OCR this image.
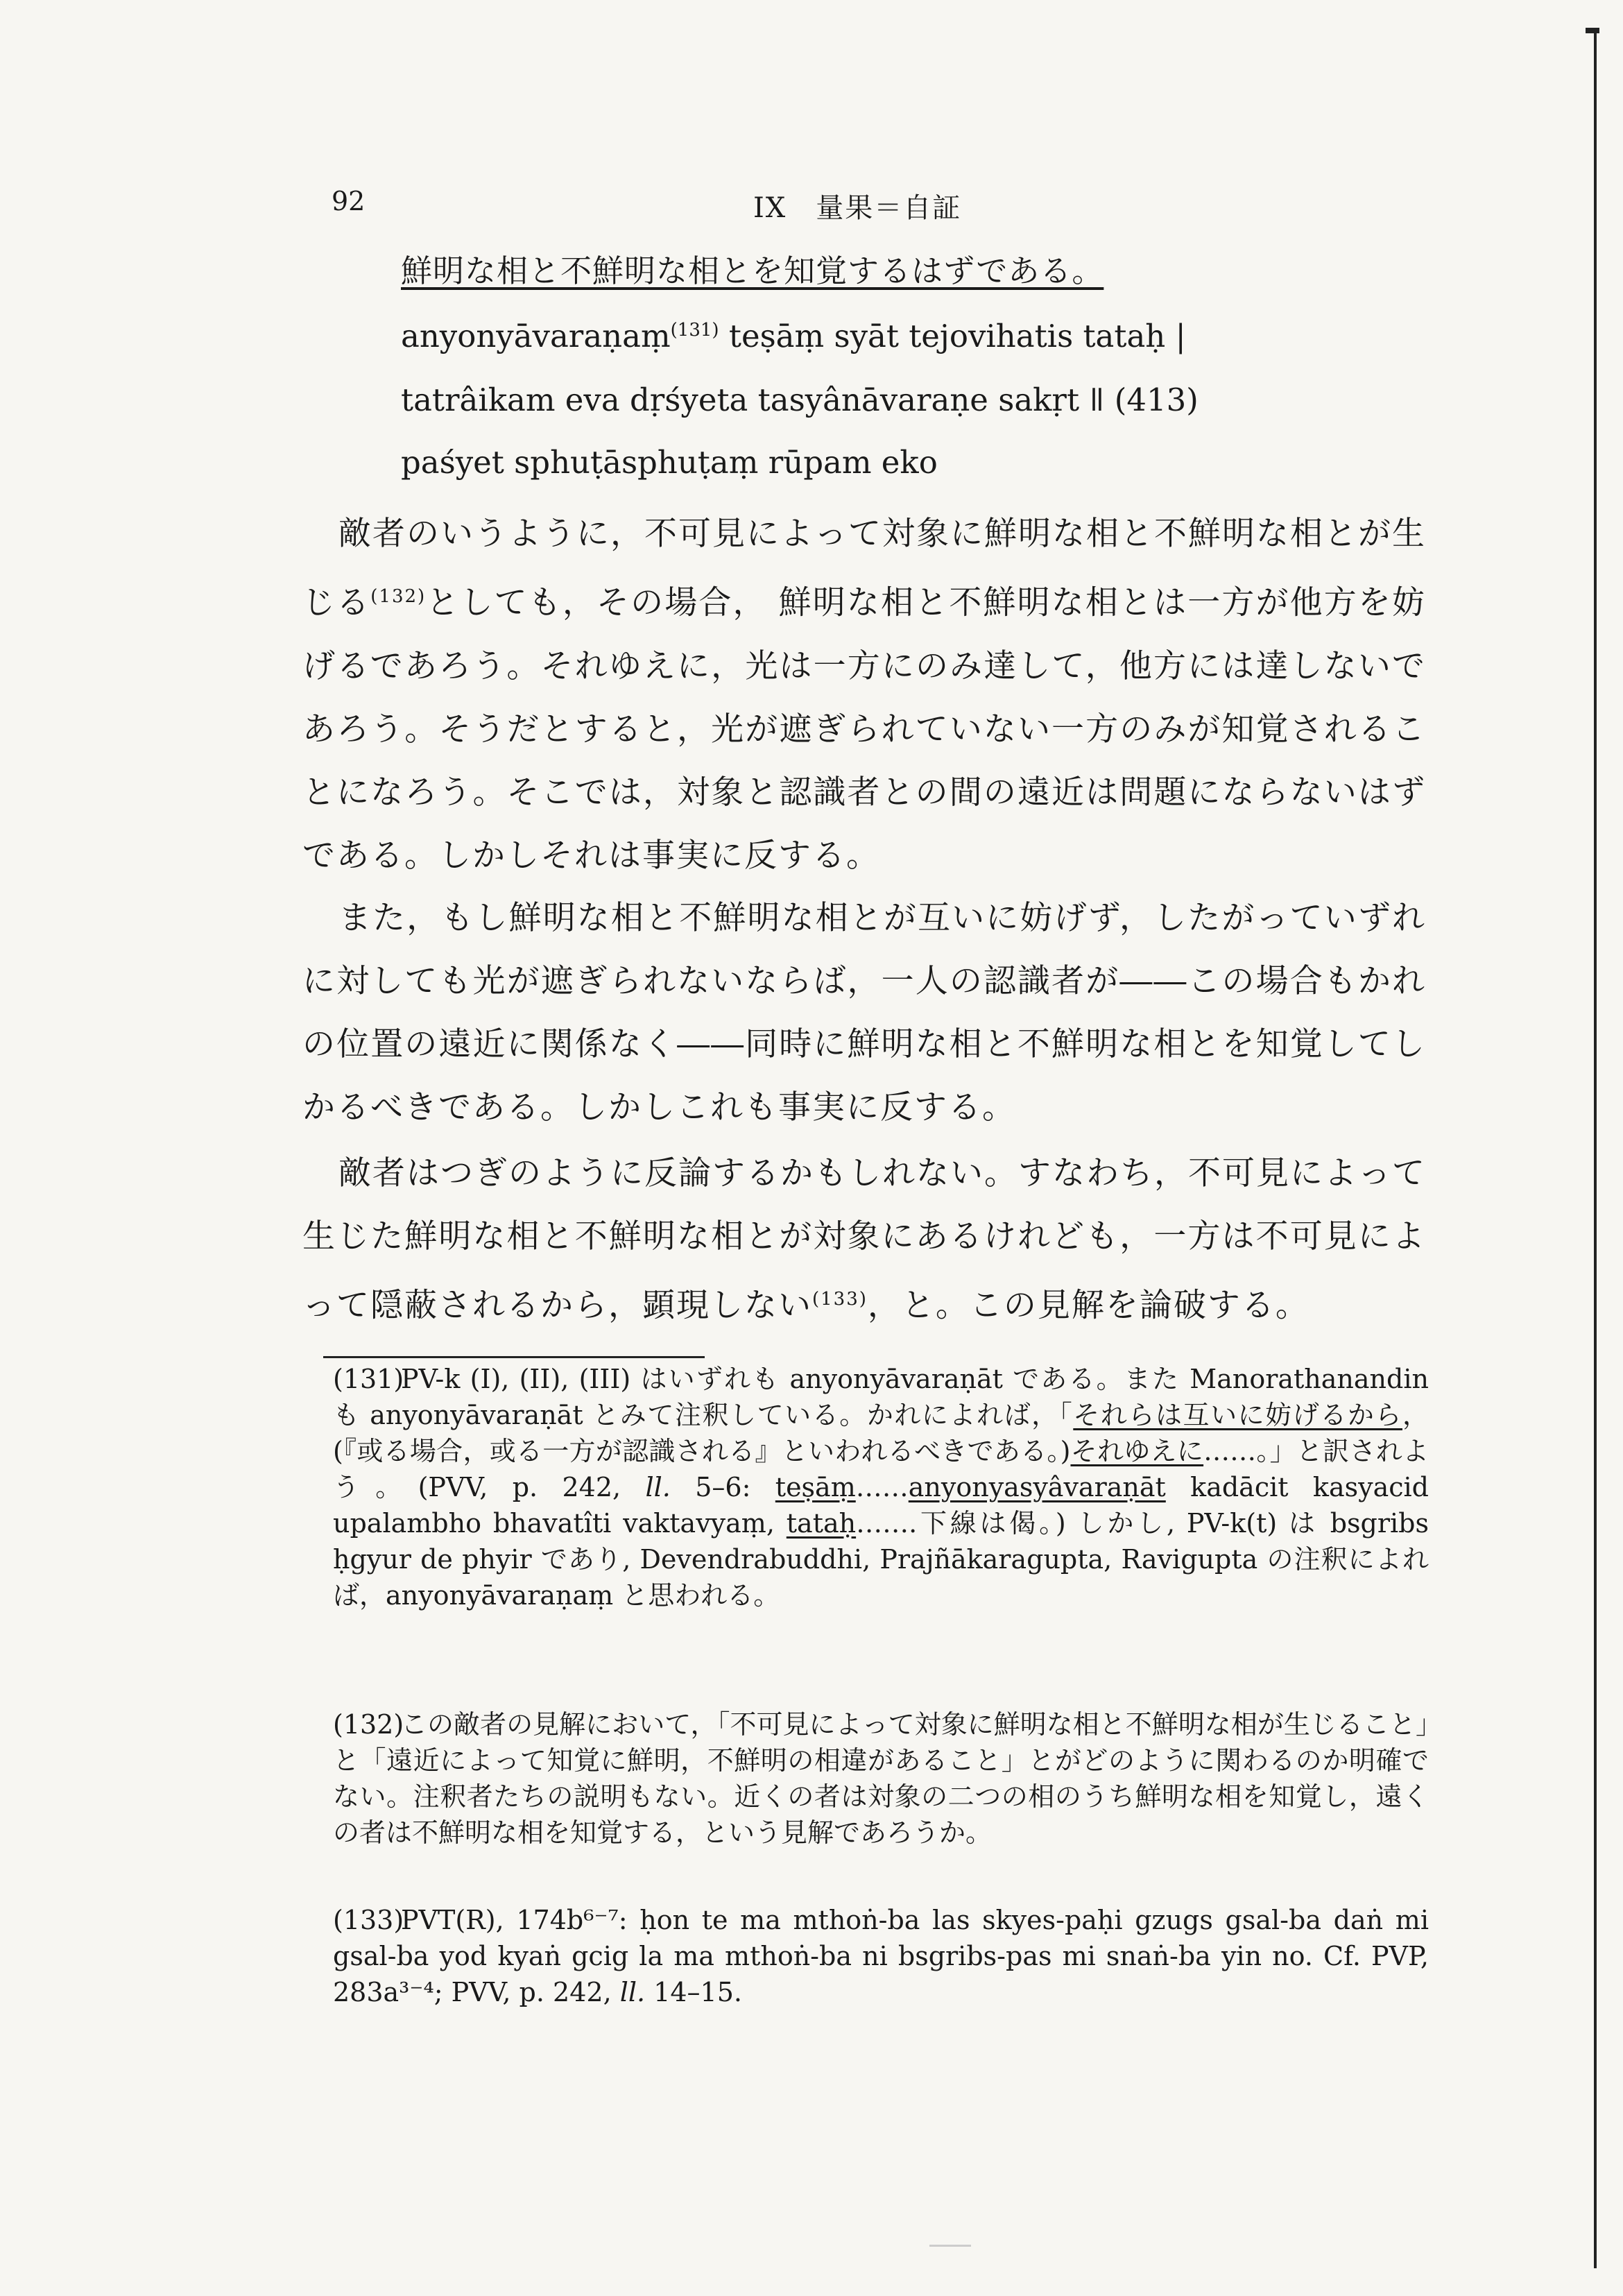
92	IX　量果＝自証
鮮明な相と不鮮明な相とを知覚するはずである。
anyonyāvaraṇaṃ$^{(131)}$ teṣāṃ syāt tejovihatis tataḥ |
tatrâikam eva dṛśyeta tasyânāvaraṇe sakṛt ǁ (413)
paśyet sphuṭāsphuṭaṃ rūpam eko
敵者のいうように，不可見によって対象に鮮明な相と不鮮明な相とが生じる$^{(132)}$としても，その場合， 鮮明な相と不鮮明な相とは一方が他方を妨げるであろう。それゆえに，光は一方にのみ達して，他方には達しないであろう。そうだとすると，光が遮ぎられていない一方のみが知覚されることになろう。そこでは，対象と認識者との間の遠近は問題にならないはずである。しかしそれは事実に反する。
また，もし鮮明な相と不鮮明な相とが互いに妨げず，したがっていずれに対しても光が遮ぎられないならば，一人の認識者が――この場合もかれの位置の遠近に関係なく――同時に鮮明な相と不鮮明な相とを知覚してしかるべきである。しかしこれも事実に反する。
敵者はつぎのように反論するかもしれない。すなわち，不可見によって生じた鮮明な相と不鮮明な相とが対象にあるけれども，一方は不可見によって隠蔽されるから，顕現しない$^{(133)}$，と。この見解を論破する。
(131)PV-k (I), (II), (III) はいずれも anyonyāvaraṇāt である。また Manorathanandin も anyonyāvaraṇāt とみて注釈している。かれによれば，「それらは互いに妨げるから，(『或る場合，或る一方が認識される』といわれるべきである。)それゆえに……。」と訳されよう。(PVV, p. 242, ll. 5–6: teṣāṃ……anyonyasyâvaraṇāt kadācit kasyacid upalambho bhavatîti vaktavyaṃ, tataḥ…….下線は偈。) しかし, PV-k(t) は bsgribs ḥgyur de phyir であり, Devendrabuddhi, Prajñākaragupta, Ravigupta の注釈によれば，anyonyāvaraṇaṃ と思われる。
(132)この敵者の見解において，「不可見によって対象に鮮明な相と不鮮明な相が生じること」と「遠近によって知覚に鮮明，不鮮明の相違があること」とがどのように関わるのか明確でない。注釈者たちの説明もない。近くの者は対象の二つの相のうち鮮明な相を知覚し，遠くの者は不鮮明な相を知覚する，という見解であろうか。
(133)PVT(R), 174b⁶⁻⁷: ḥon te ma mthoṅ-ba las skyes-paḥi gzugs gsal-ba daṅ mi gsal-ba yod kyaṅ gcig la ma mthoṅ-ba ni bsgribs-pas mi snaṅ-ba yin no. Cf. PVP, 283a³⁻⁴; PVV, p. 242, ll. 14–15.
